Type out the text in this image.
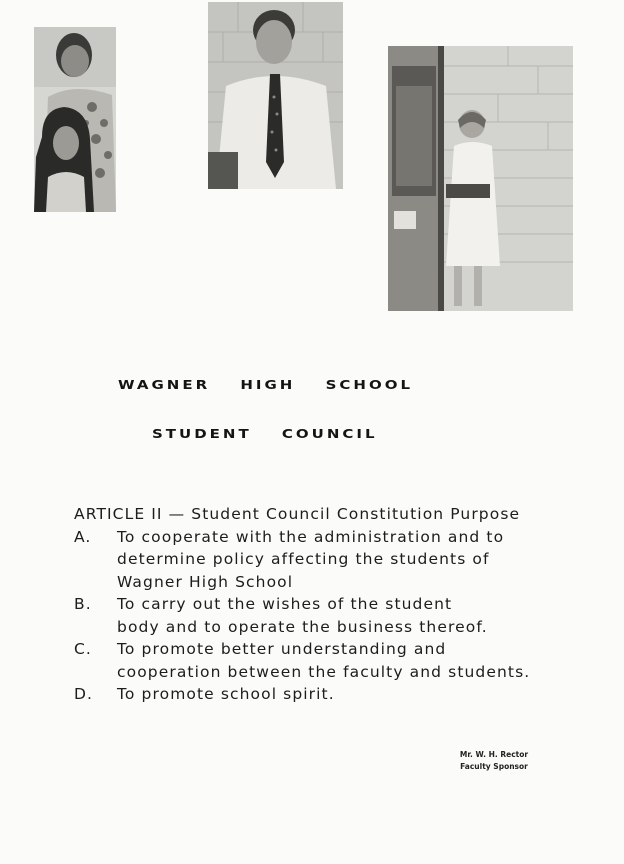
WAGNER HIGH SCHOOL
STUDENT COUNCIL
ARTICLE II — Student Council Constitution Purpose
A.	To cooperate with the administration and to
determine policy affecting the students of
Wagner High School
B.	To carry out the wishes of the student
body and to operate the business thereof.
C.	To promote better understanding and
cooperation between the faculty and students.
D.	To promote school spirit.
Mr. W. H. Rector
Faculty Sponsor
